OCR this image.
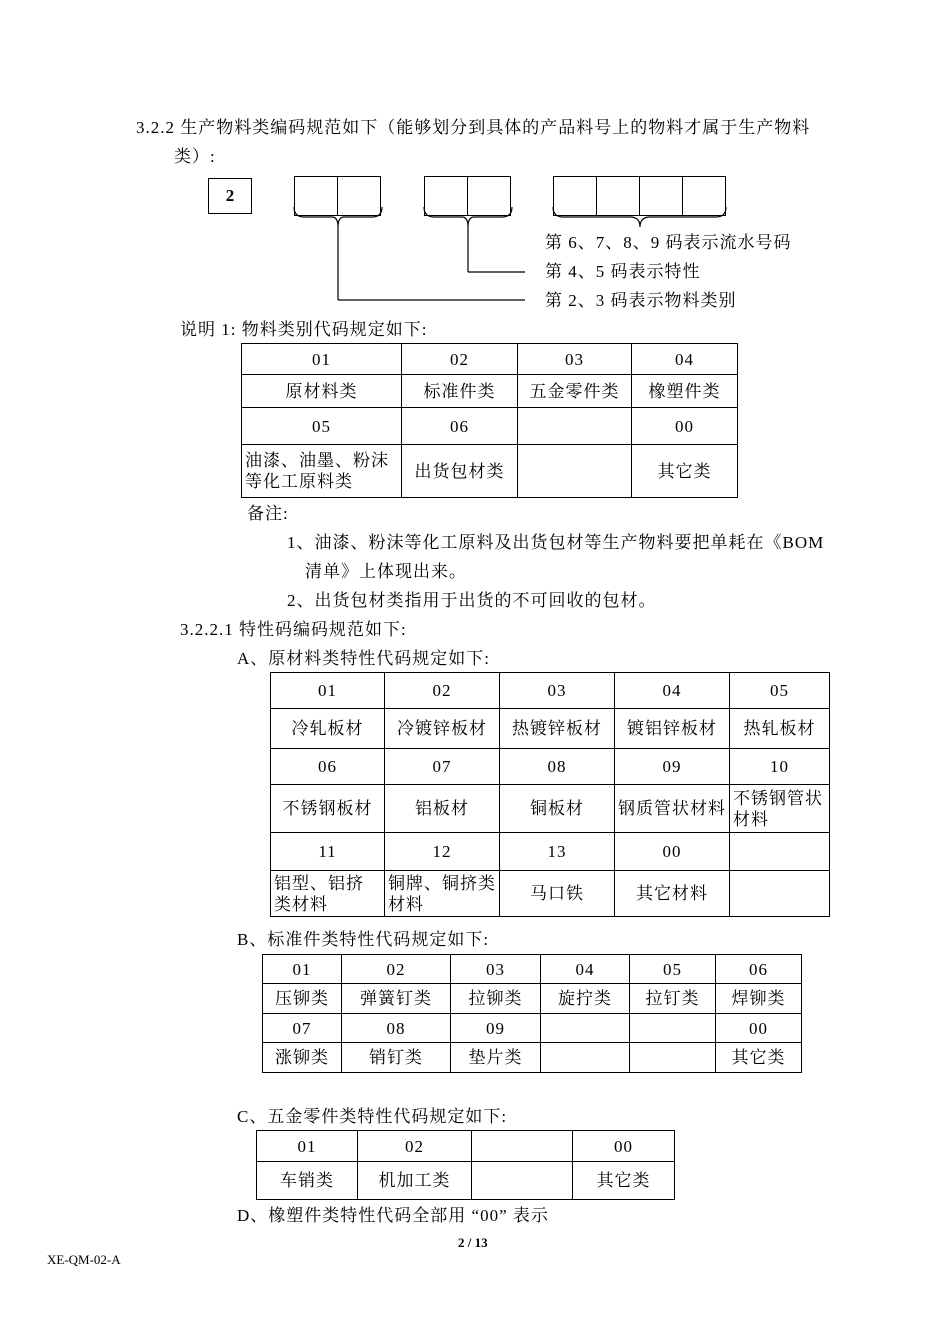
3.2.2 生产物料类编码规范如下（能够划分到具体的产品料号上的物料才属于生产物料
类）:
2
第 6、7、8、9 码表示流水号码
第 4、5 码表示特性
第 2、3 码表示物料类别
说明 1: 物料类别代码规定如下:
01	02	03	04
原材料类	标准件类	五金零件类	橡塑件类
05	06		00
油漆、油墨、粉沫等化工原料类	出货包材类		其它类
备注:
1、油漆、粉沫等化工原料及出货包材等生产物料要把单耗在《BOM
清单》上体现出来。
2、出货包材类指用于出货的不可回收的包材。
3.2.2.1 特性码编码规范如下:
A、原材料类特性代码规定如下:
01	02	03	04	05
冷轧板材	冷镀锌板材	热镀锌板材	镀铝锌板材	热轧板材
06	07	08	09	10
不锈钢板材	铝板材	铜板材	钢质管状材料	不锈钢管状材料
11	12	13	00	
铝型、铝挤类材料	铜牌、铜挤类材料	马口铁	其它材料	
B、标准件类特性代码规定如下:
01	02	03	04	05	06
压铆类	弹簧钉类	拉铆类	旋拧类	拉钉类	焊铆类
07	08	09			00
涨铆类	销钉类	垫片类			其它类
C、五金零件类特性代码规定如下:
01	02		00
车销类	机加工类		其它类
D、橡塑件类特性代码全部用 “00” 表示
2 / 13
XE-QM-02-A
